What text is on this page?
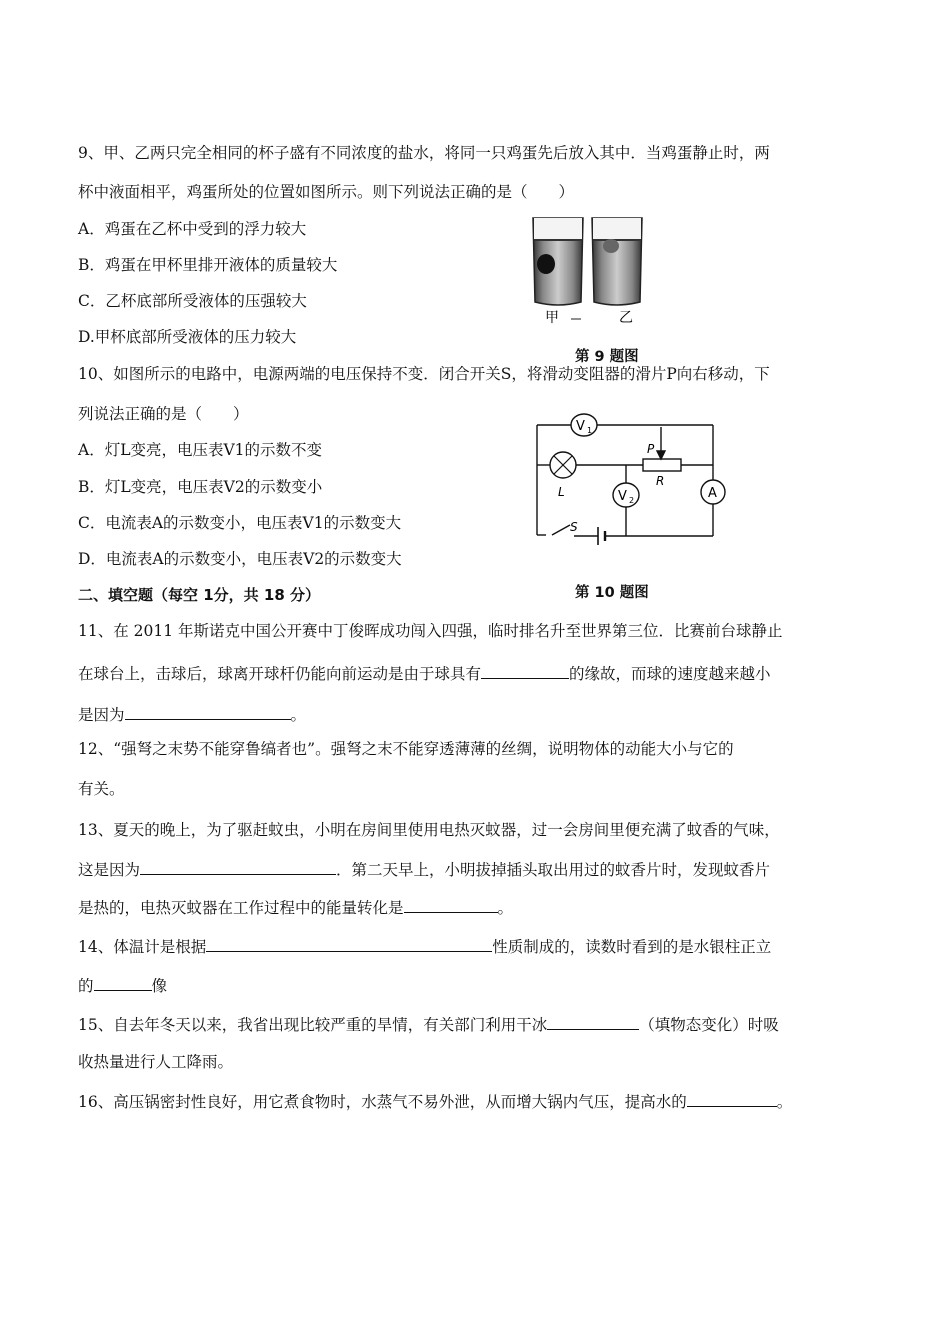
9、甲、乙两只完全相同的杯子盛有不同浓度的盐水，将同一只鸡蛋先后放入其中．当鸡蛋静止时，两
杯中液面相平，鸡蛋所处的位置如图所示。则下列说法正确的是（　　）
A．鸡蛋在乙杯中受到的浮力较大
B．鸡蛋在甲杯里排开液体的质量较大
C．乙杯底部所受液体的压强较大
D.甲杯底部所受液体的压力较大
甲	乙
第 9 题图
10、如图所示的电路中，电源两端的电压保持不变．闭合开关S，将滑动变阻器的滑片P向右移动，下
列说法正确的是（　　）
A．灯L变亮，电压表V1的示数不变
B．灯L变亮，电压表V2的示数变小
C．电流表A的示数变小，电压表V1的示数变大
D．电流表A的示数变小，电压表V2的示数变大
V 1
V 2	A
P
R
L
S
第 10 题图
二、填空题（每空 1分，共 18 分）
11、在 2011 年斯诺克中国公开赛中丁俊晖成功闯入四强，临时排名升至世界第三位．比赛前台球静止
在球台上，击球后，球离开球杆仍能向前运动是由于球具有	的缘故，而球的速度越来越小
是因为	。
12、“强弩之末势不能穿鲁缟者也”。强弩之末不能穿透薄薄的丝绸，说明物体的动能大小与它的
有关。
13、夏天的晚上，为了驱赶蚊虫，小明在房间里使用电热灭蚊器，过一会房间里便充满了蚊香的气味，
这是因为	．第二天早上，小明拔掉插头取出用过的蚊香片时，发现蚊香片
是热的，电热灭蚊器在工作过程中的能量转化是	。
14、体温计是根据	性质制成的，读数时看到的是水银柱正立
的	像
15、自去年冬天以来，我省出现比较严重的旱情，有关部门利用干冰	（填物态变化）时吸
收热量进行人工降雨。
16、高压锅密封性良好，用它煮食物时，水蒸气不易外泄，从而增大锅内气压，提高水的	。
